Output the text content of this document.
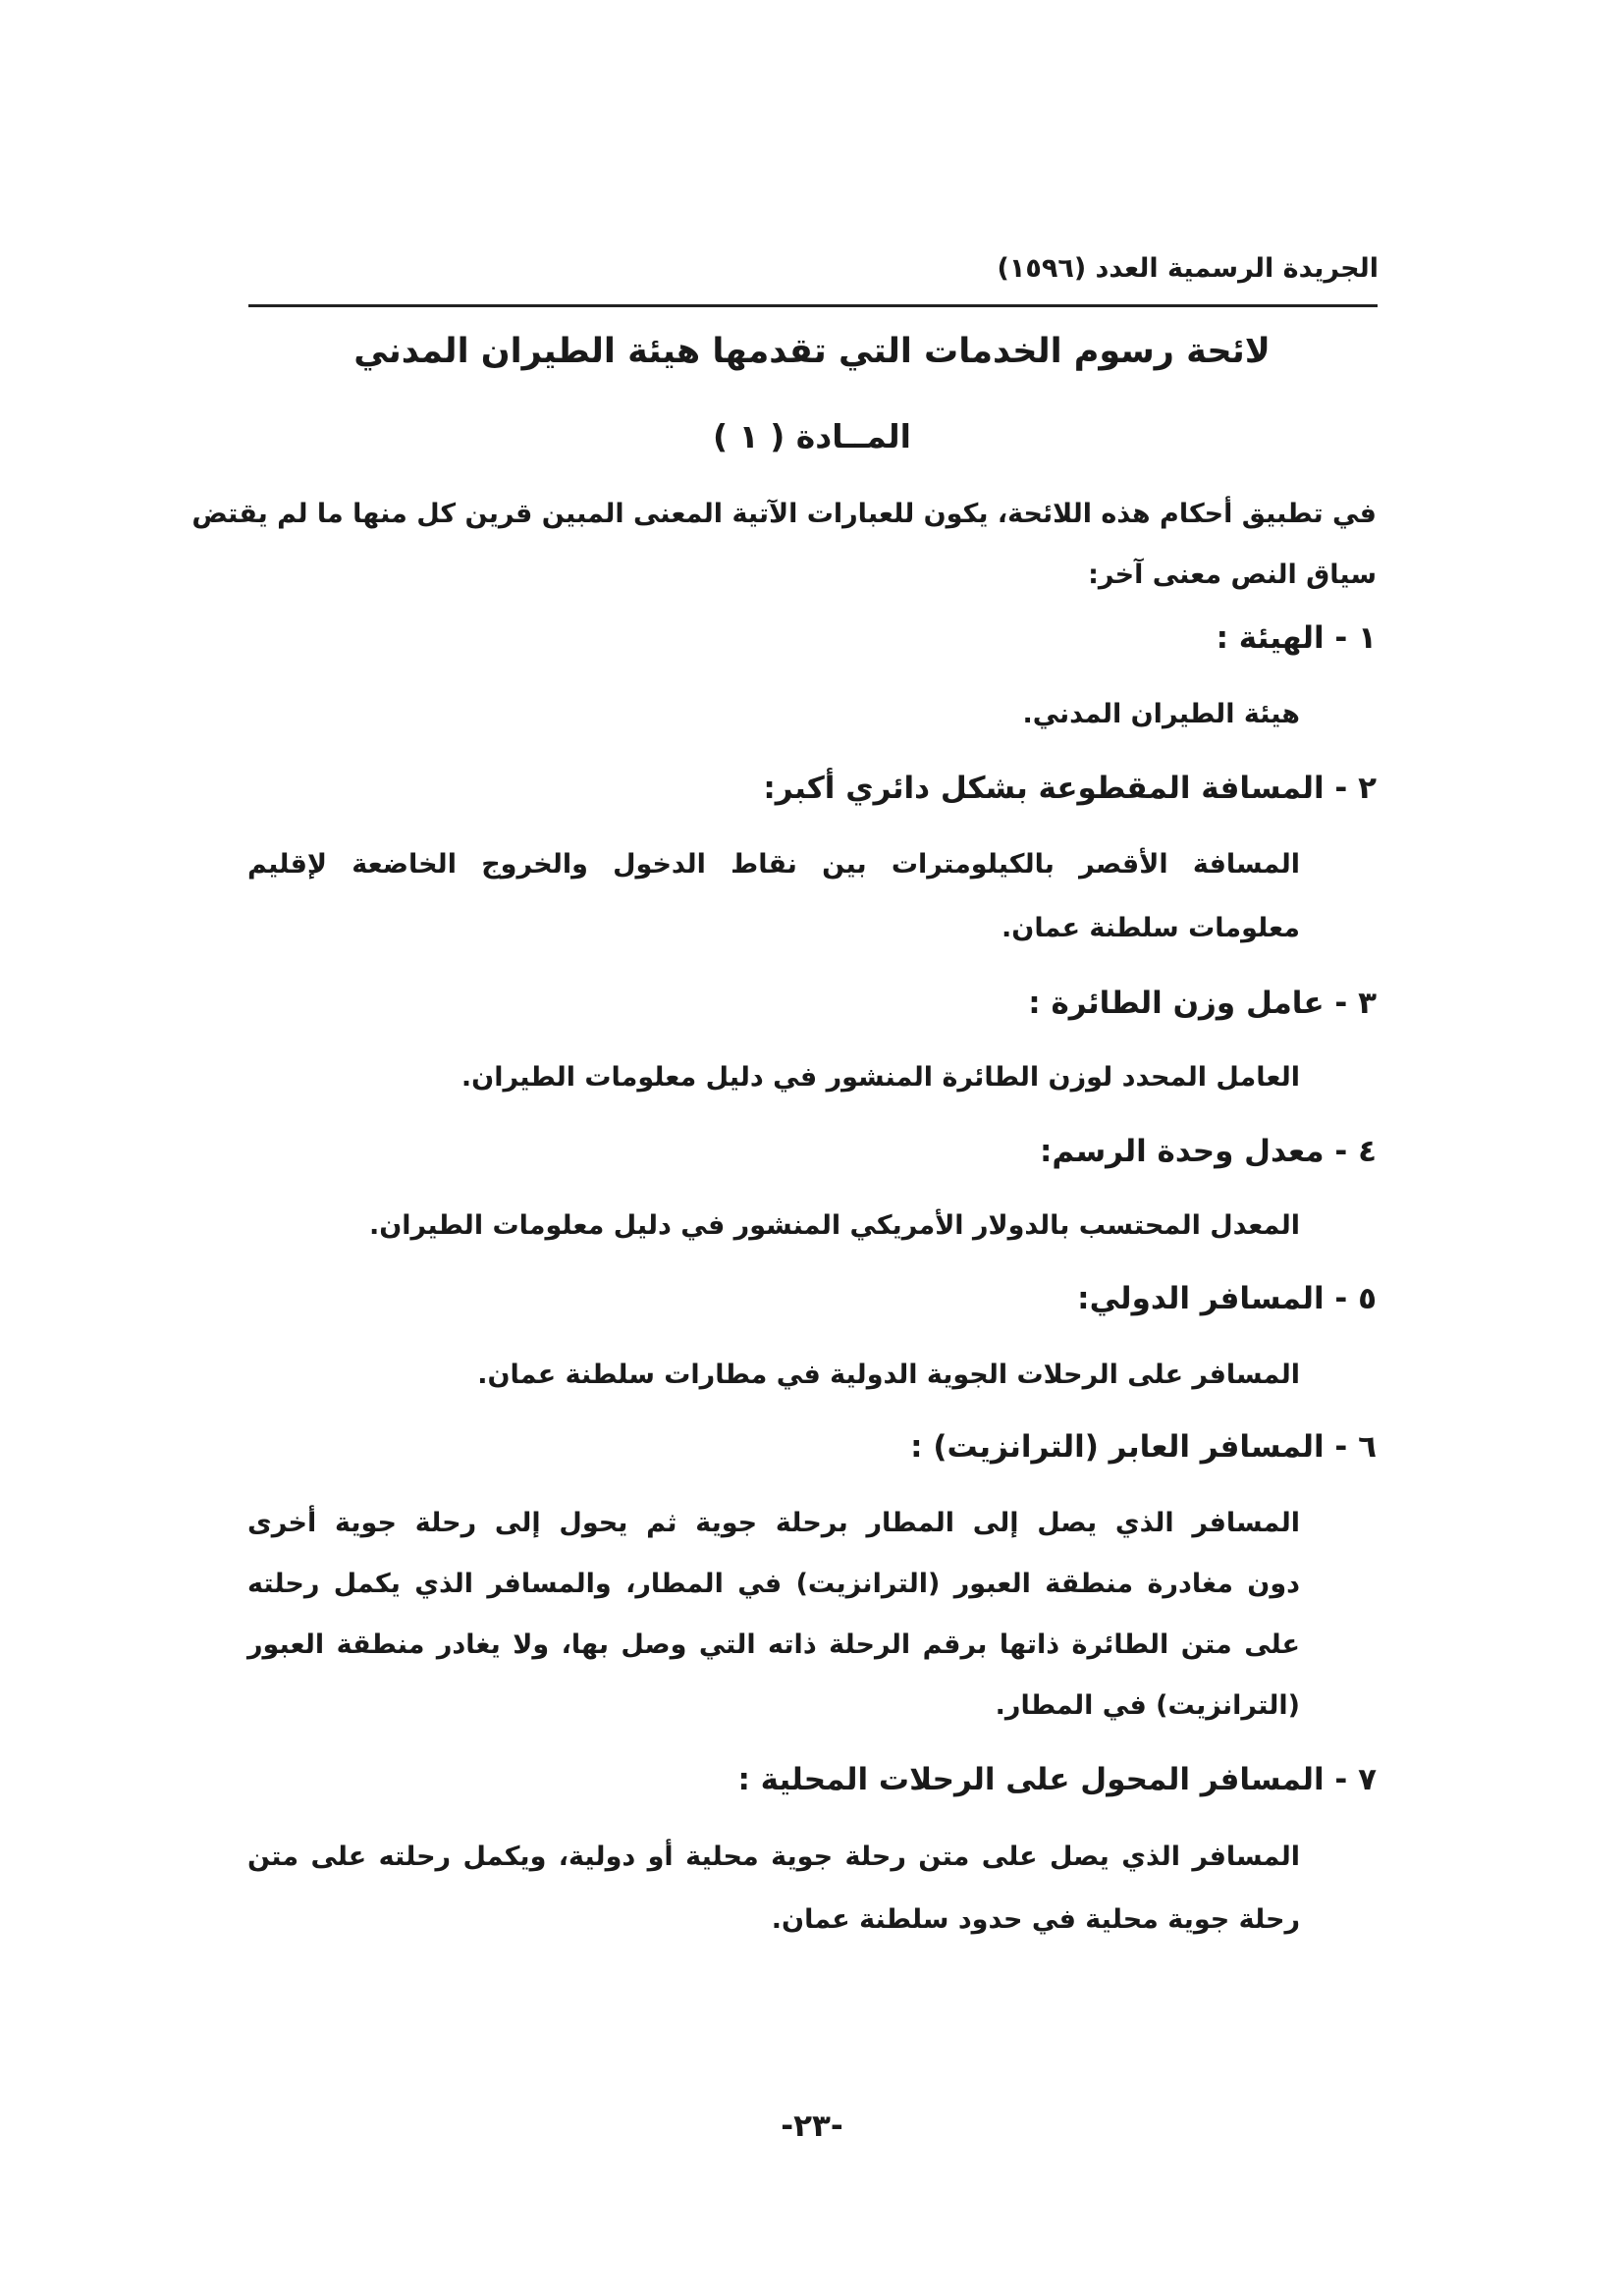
الجريدة الرسمية العدد (١٥٩٦)
لائحة رسوم الخدمات التي تقدمها هيئة الطيران المدني
المــادة ( ١ )
في تطبيق أحكام هذه اللائحة، يكون للعبارات الآتية المعنى المبين قرين كل منها ما لم يقتض
سياق النص معنى آخر:
١ - الهيئة :
هيئة الطيران المدني.
٢ - المسافة المقطوعة بشكل دائري أكبر:
المسافة الأقصر بالكيلومترات بين نقاط الدخول والخروج الخاضعة لإقليم
معلومات سلطنة عمان.
٣ - عامل وزن الطائرة :
العامل المحدد لوزن الطائرة المنشور في دليل معلومات الطيران.
٤ - معدل وحدة الرسم:
المعدل المحتسب بالدولار الأمريكي المنشور في دليل معلومات الطيران.
٥ - المسافر الدولي:
المسافر على الرحلات الجوية الدولية في مطارات سلطنة عمان.
٦ - المسافر العابر (الترانزيت) :
المسافر الذي يصل إلى المطار برحلة جوية ثم يحول إلى رحلة جوية أخرى
دون مغادرة منطقة العبور (الترانزيت) في المطار، والمسافر الذي يكمل رحلته
على متن الطائرة ذاتها برقم الرحلة ذاته التي وصل بها، ولا يغادر منطقة العبور
(الترانزيت) في المطار.
٧ - المسافر المحول على الرحلات المحلية :
المسافر الذي يصل على متن رحلة جوية محلية أو دولية، ويكمل رحلته على متن
رحلة جوية محلية في حدود سلطنة عمان.
-٢٣-
